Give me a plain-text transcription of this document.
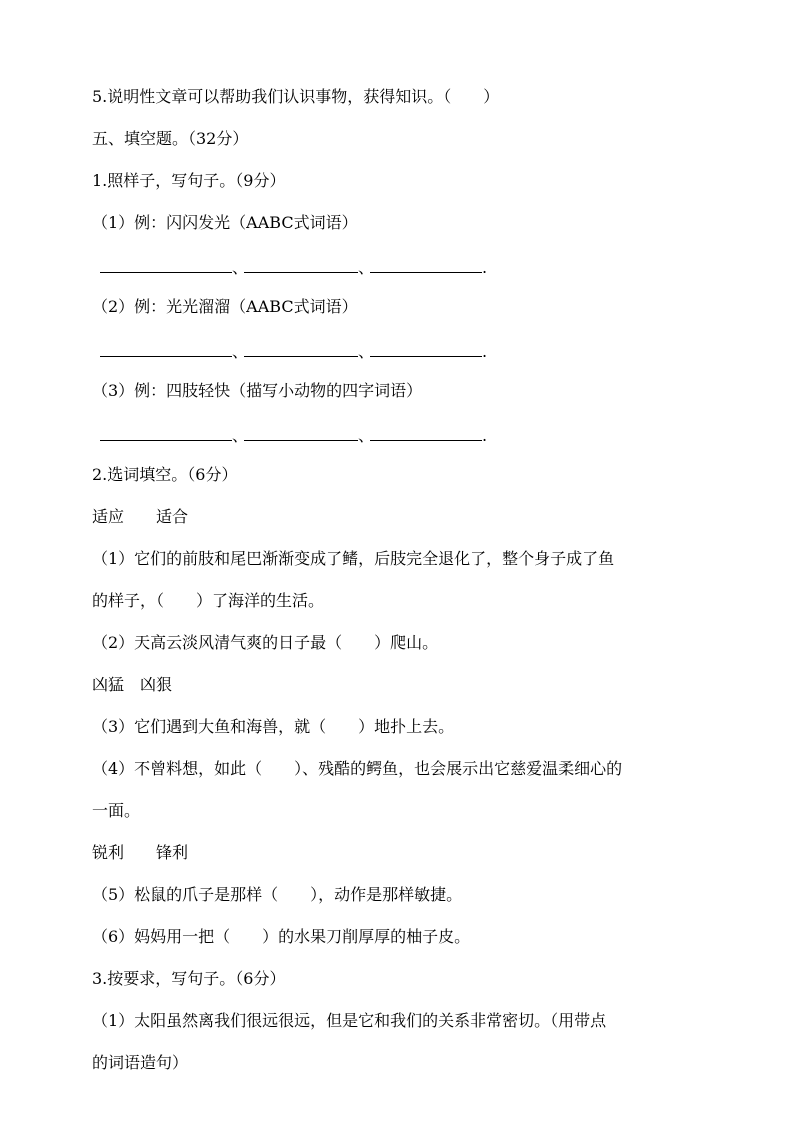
5.说明性文章可以帮助我们认识事物，获得知识。（　　）
五、填空题。（32分）
1.照样子，写句子。（9分）
（1）例：闪闪发光（AABC式词语）
、	、	.
（2）例：光光溜溜（AABC式词语）
、	、	.
（3）例：四肢轻快（描写小动物的四字词语）
、	、	.
2.选词填空。（6分）
适应　　适合
（1）它们的前肢和尾巴渐渐变成了鳍，后肢完全退化了，整个身子成了鱼
的样子，（　　）了海洋的生活。
（2）天高云淡风清气爽的日子最（　　）爬山。
凶猛　凶狠
（3）它们遇到大鱼和海兽，就（　　）地扑上去。
（4）不曾料想，如此（　　）、残酷的鳄鱼，也会展示出它慈爱温柔细心的
一面。
锐利　　锋利
（5）松鼠的爪子是那样（　　），动作是那样敏捷。
（6）妈妈用一把（　　）的水果刀削厚厚的柚子皮。
3.按要求，写句子。（6分）
（1）太阳虽然离我们很远很远，但是它和我们的关系非常密切。（用带点
的词语造句）
